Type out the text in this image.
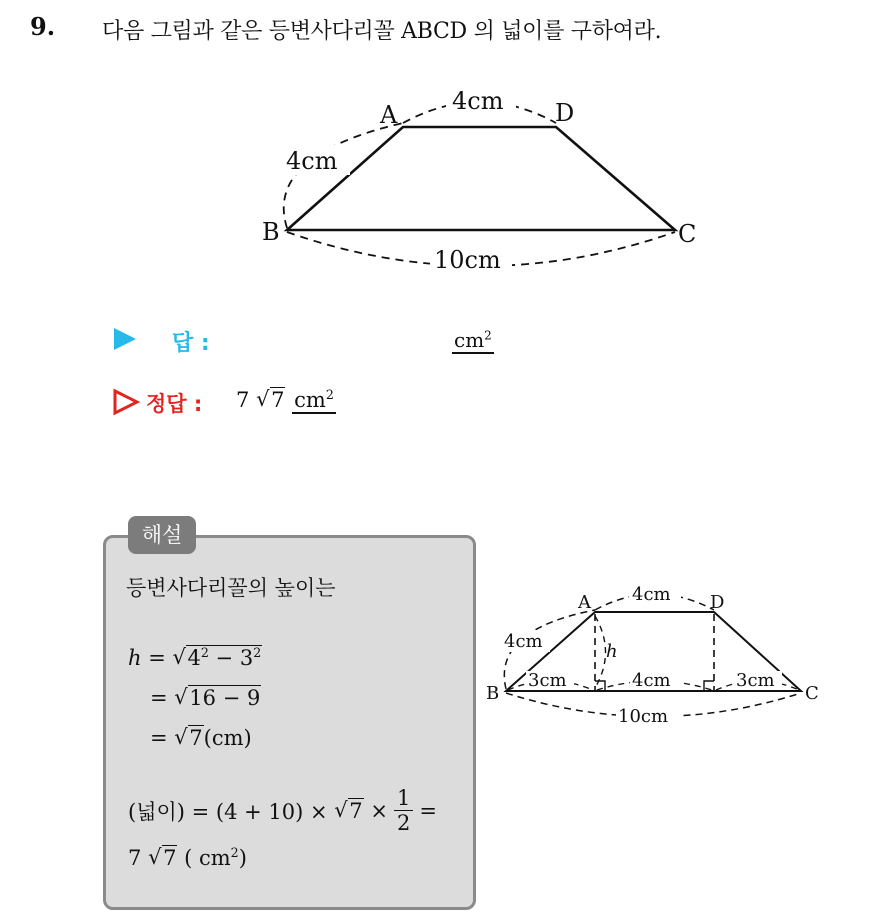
9. 다음 그림과 같은 등변사다리꼴 ABCD 의 넓이를 구하여라.
A	D
B	C
4cm
4cm
10cm
답 :	$cm^2$
정답 : 7 √ 7 $cm^2$
해설
등변사다리꼴의 높이는
h = √ $4^2 - 3^2$
= √ 16 − 9
= √ 7(cm)
(넓이) = (4 + 10) ×
√ 7
× $\frac{1}{2}$ =
7 √ 7 ( $cm^2$)
A	D
B	C
4cm
4cm
10cm
3cm	4cm	3cm
h
